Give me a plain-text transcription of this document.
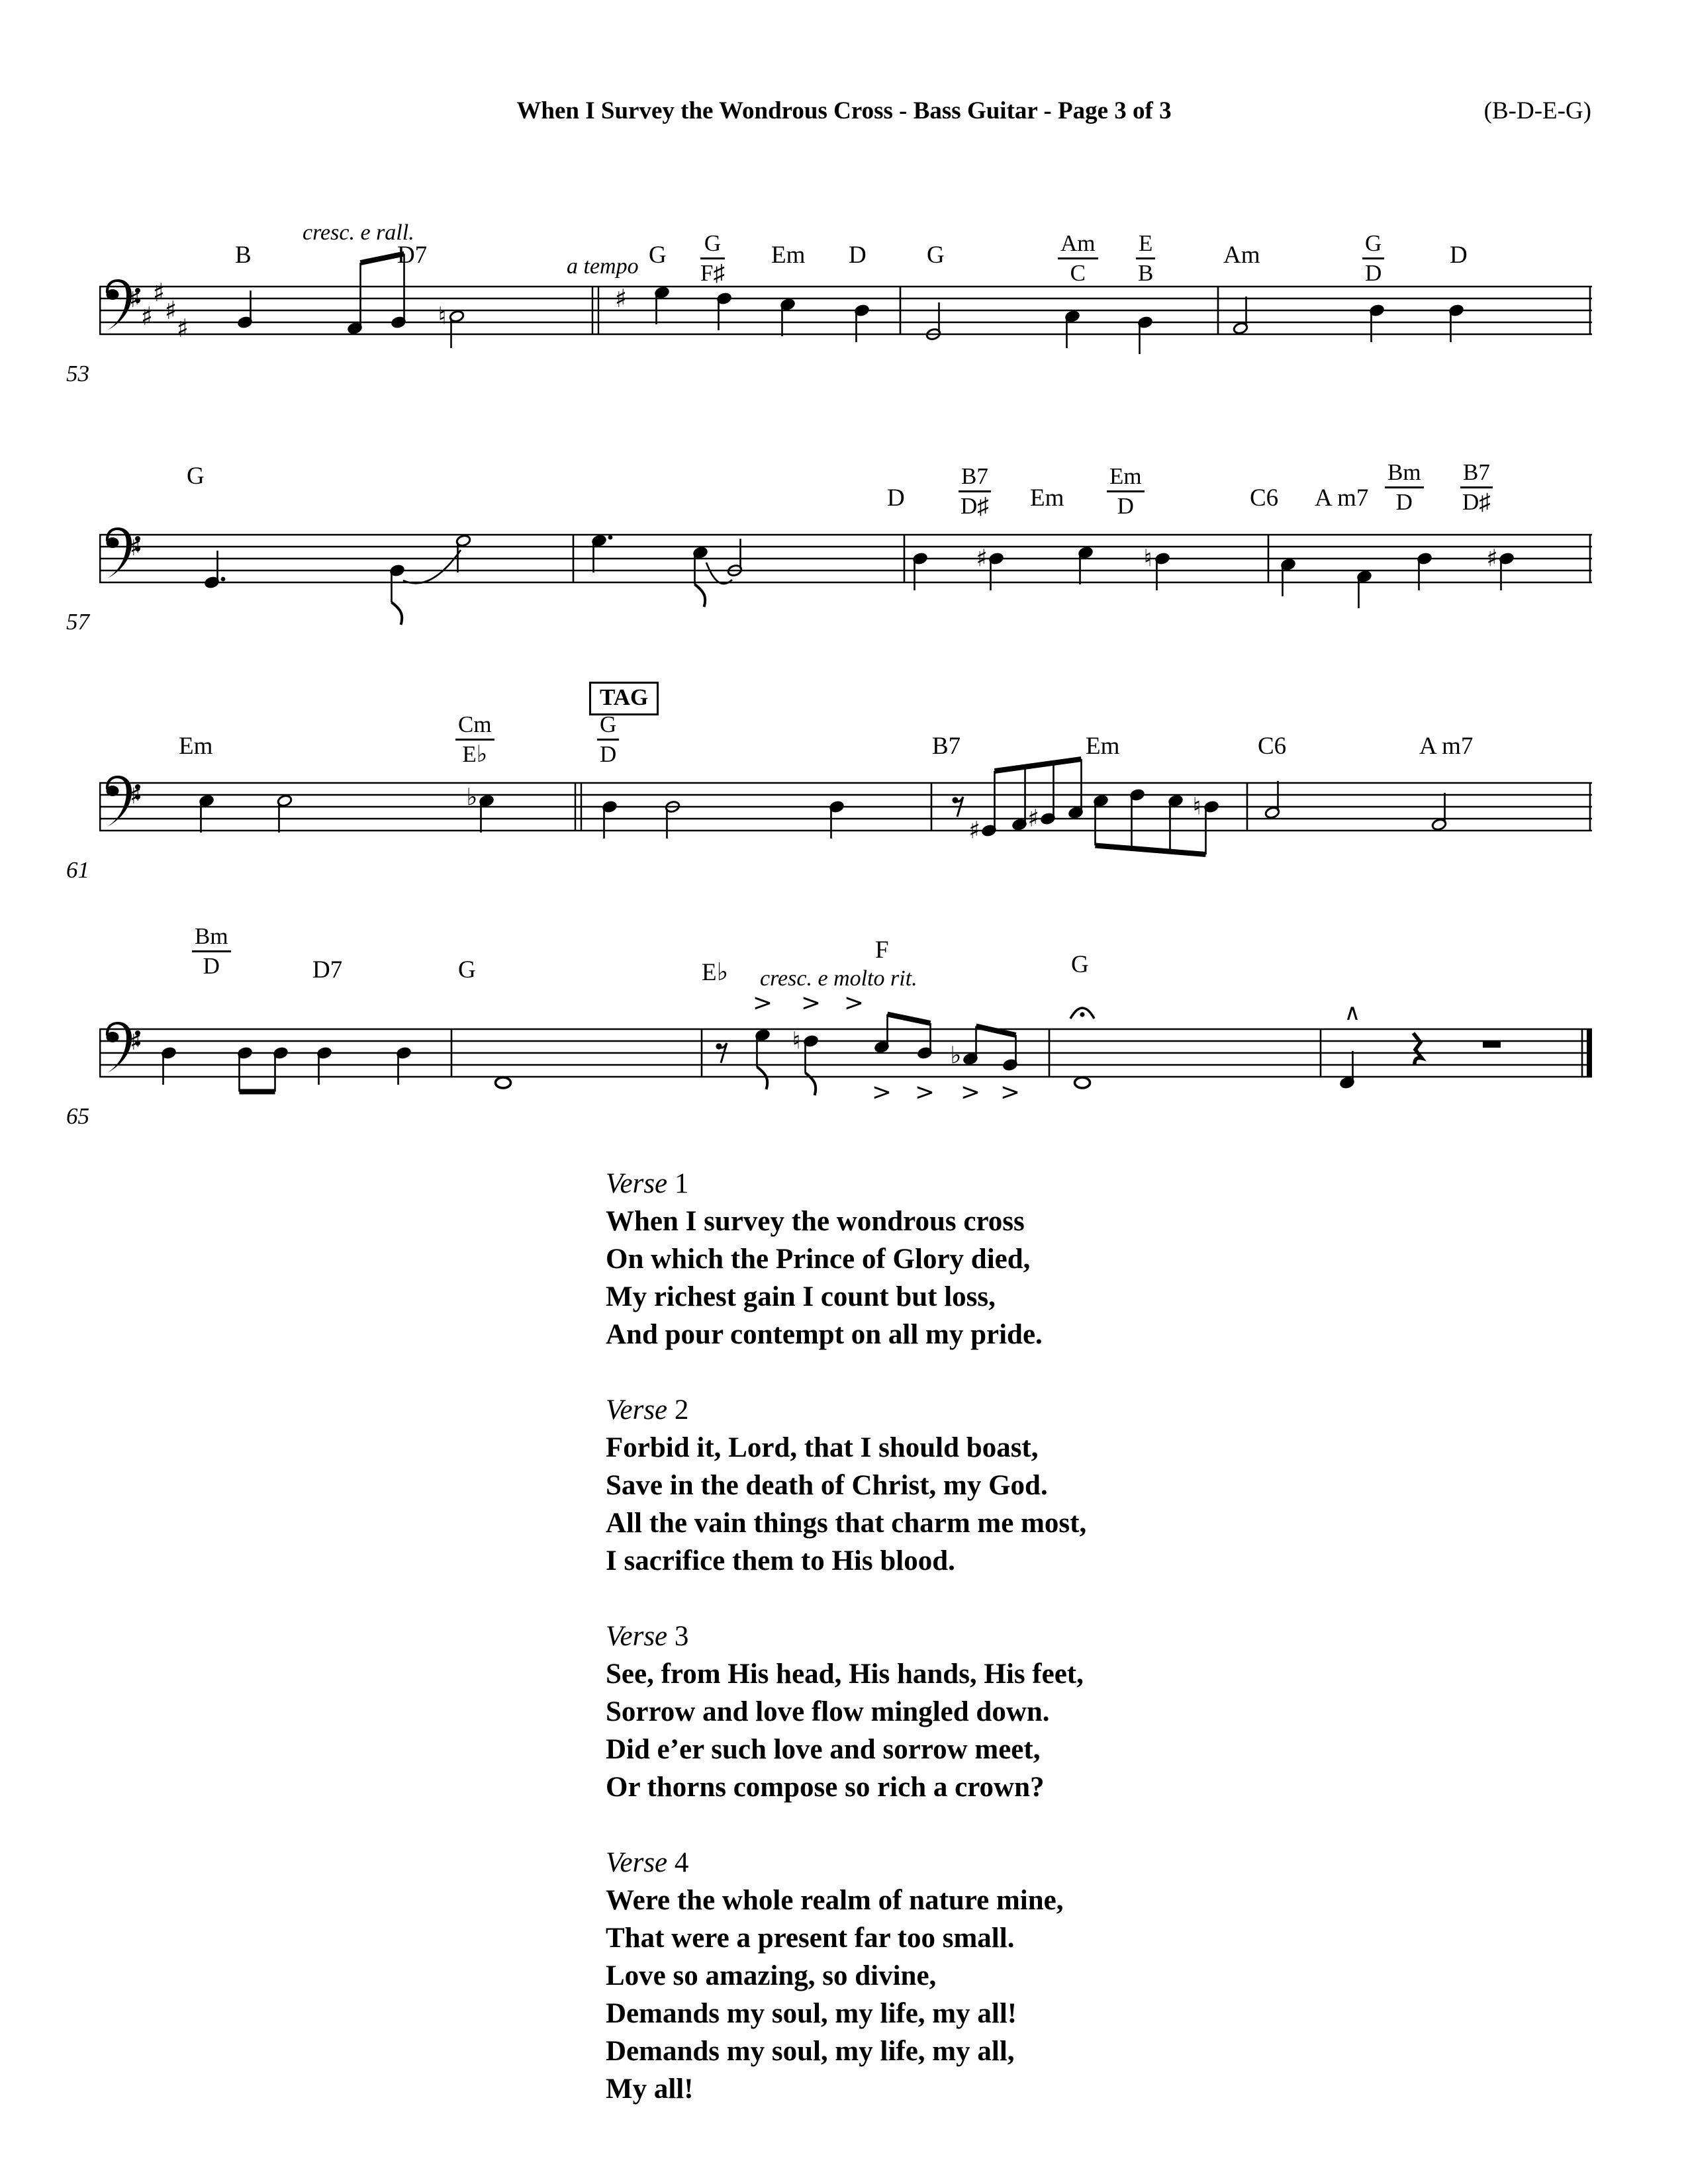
When I Survey the Wondrous Cross - Bass Guitar - Page 3 of 3	(B-D-E-G)
♯
♯
♯
♯
♯
♯
♮
♯	♯	♮	♯
♯	♭
♯ ♯	♮
♯	♮
♭
> > >
> > > >
∧
Verse 1
When I survey the wondrous cross
On which the Prince of Glory died,
My richest gain I count but loss,
And pour contempt on all my pride.
Verse 2
Forbid it, Lord, that I should boast,
Save in the death of Christ, my God.
All the vain things that charm me most,
I sacrifice them to His blood.
Verse 3
See, from His head, His hands, His feet,
Sorrow and love flow mingled down.
Did e’er such love and sorrow meet,
Or thorns compose so rich a crown?
Verse 4
Were the whole realm of nature mine,
That were a present far too small.
Love so amazing, so divine,
Demands my soul, my life, my all!
Demands my soul, my life, my all,
My all!
B	D7	G G
F♯
Em D G	Am
C
E
B
Am	G
D
D
cresc. e rall.
a tempo
53
G
D
B7
D♯ Em
Em
D	C6 A m7
Bm
D
B7
D♯
57
Em
Cm
E♭
G
D	B7	Em	C6	A m7
TAG
61
Bm
D	D7	G	E♭
F
G
cresc. e molto rit.
65
